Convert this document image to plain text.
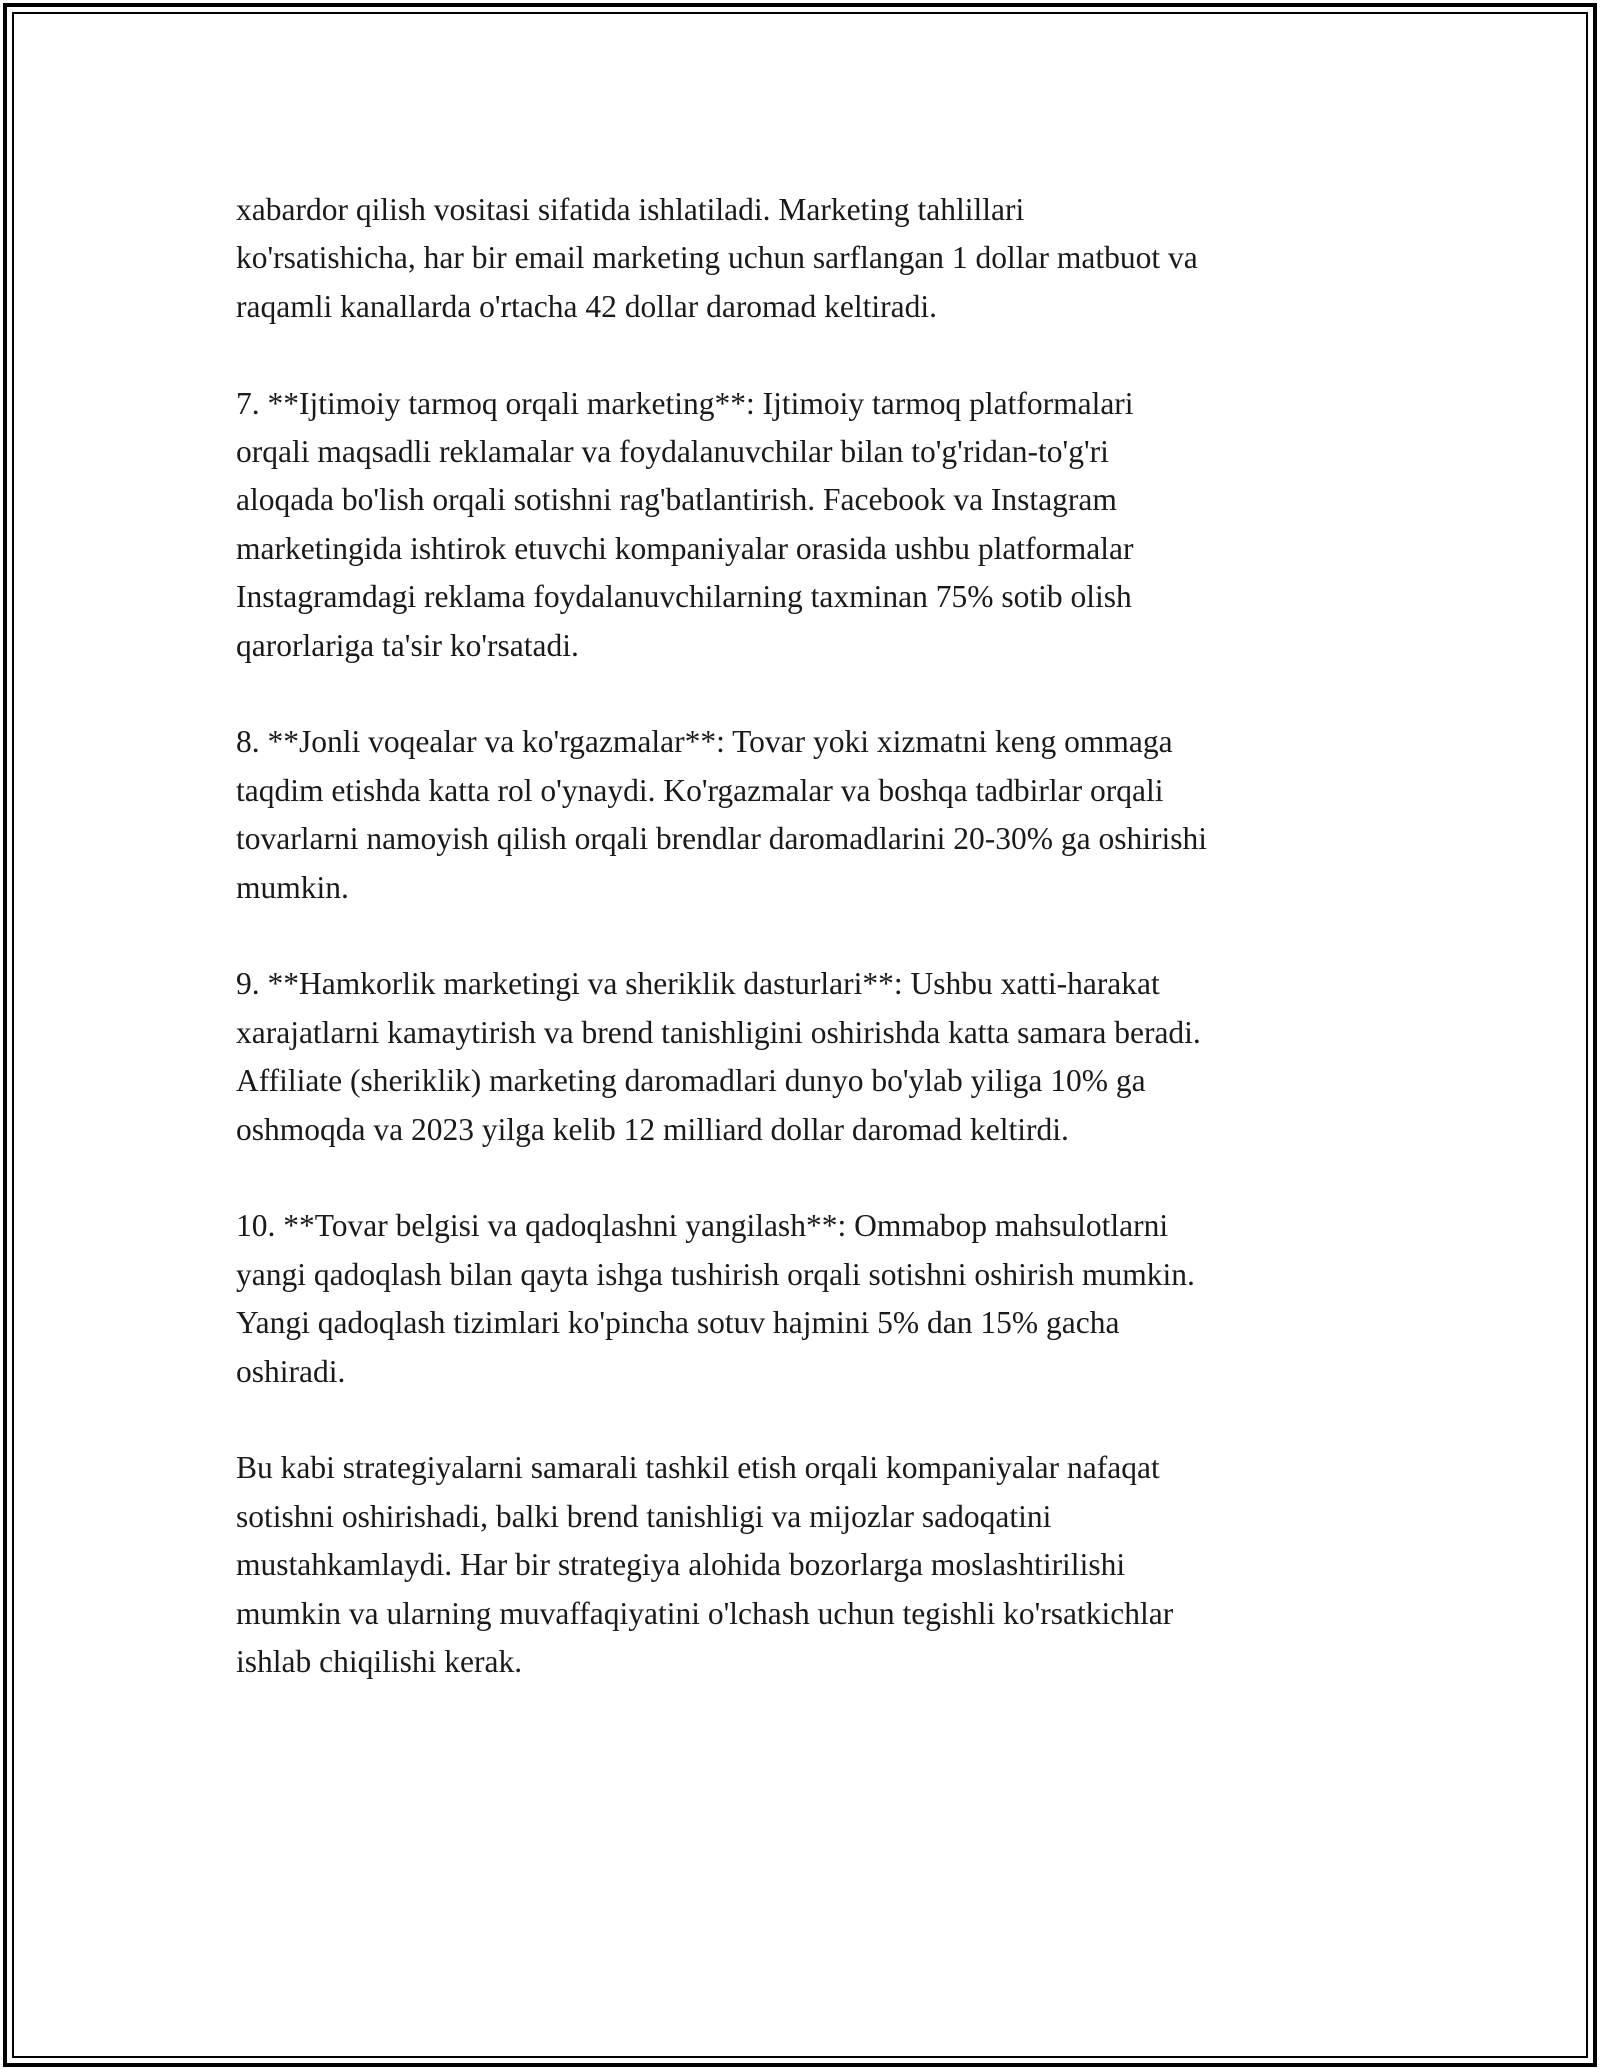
xabardor qilish vositasi sifatida ishlatiladi. Marketing tahlillari
ko'rsatishicha, har bir email marketing uchun sarflangan 1 dollar matbuot va
raqamli kanallarda o'rtacha 42 dollar daromad keltiradi.

7. **Ijtimoiy tarmoq orqali marketing**: Ijtimoiy tarmoq platformalari
orqali maqsadli reklamalar va foydalanuvchilar bilan to'g'ridan-to'g'ri
aloqada bo'lish orqali sotishni rag'batlantirish. Facebook va Instagram
marketingida ishtirok etuvchi kompaniyalar orasida ushbu platformalar
Instagramdagi reklama foydalanuvchilarning taxminan 75% sotib olish
qarorlariga ta'sir ko'rsatadi.

8. **Jonli voqealar va ko'rgazmalar**: Tovar yoki xizmatni keng ommaga
taqdim etishda katta rol o'ynaydi. Ko'rgazmalar va boshqa tadbirlar orqali
tovarlarni namoyish qilish orqali brendlar daromadlarini 20-30% ga oshirishi
mumkin.

9. **Hamkorlik marketingi va sheriklik dasturlari**: Ushbu xatti-harakat
xarajatlarni kamaytirish va brend tanishligini oshirishda katta samara beradi.
Affiliate (sheriklik) marketing daromadlari dunyo bo'ylab yiliga 10% ga
oshmoqda va 2023 yilga kelib 12 milliard dollar daromad keltirdi.

10. **Tovar belgisi va qadoqlashni yangilash**: Ommabop mahsulotlarni
yangi qadoqlash bilan qayta ishga tushirish orqali sotishni oshirish mumkin.
Yangi qadoqlash tizimlari ko'pincha sotuv hajmini 5% dan 15% gacha
oshiradi.

Bu kabi strategiyalarni samarali tashkil etish orqali kompaniyalar nafaqat
sotishni oshirishadi, balki brend tanishligi va mijozlar sadoqatini
mustahkamlaydi. Har bir strategiya alohida bozorlarga moslashtirilishi
mumkin va ularning muvaffaqiyatini o'lchash uchun tegishli ko'rsatkichlar
ishlab chiqilishi kerak.
